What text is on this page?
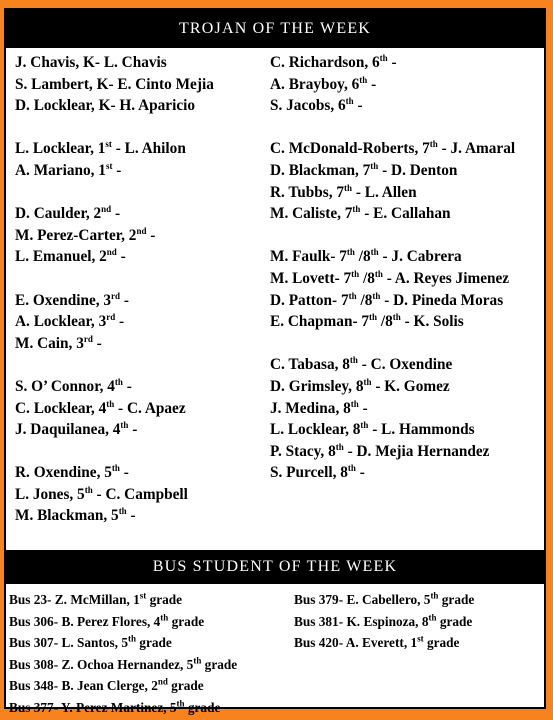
TROJAN OF THE WEEK
J. Chavis, K- L. Chavis
S. Lambert, K- E. Cinto Mejia
D. Locklear, K- H. Aparicio
L. Locklear, 1st - L. Ahilon
A. Mariano, 1st -
D. Caulder, 2nd -
M. Perez-Carter, 2nd -
L. Emanuel, 2nd -
E. Oxendine, 3rd -
A. Locklear, 3rd -
M. Cain, 3rd -
S. O’ Connor, 4th -
C. Locklear, 4th - C. Apaez
J. Daquilanea, 4th -
R. Oxendine, 5th -
L. Jones, 5th - C. Campbell
M. Blackman, 5th -
C. Richardson, 6th -
A. Brayboy, 6th -
S. Jacobs, 6th -
C. McDonald-Roberts, 7th - J. Amaral
D. Blackman, 7th - D. Denton
R. Tubbs, 7th - L. Allen
M. Caliste, 7th - E. Callahan
M. Faulk- 7th /8th - J. Cabrera
M. Lovett- 7th /8th - A. Reyes Jimenez
D. Patton- 7th /8th - D. Pineda Moras
E. Chapman- 7th /8th - K. Solis
C. Tabasa, 8th - C. Oxendine
D. Grimsley, 8th - K. Gomez
J. Medina, 8th -
L. Locklear, 8th - L. Hammonds
P. Stacy, 8th - D. Mejia Hernandez
S. Purcell, 8th -
BUS STUDENT OF THE WEEK
Bus 23- Z. McMillan, 1st grade
Bus 306- B. Perez Flores, 4th grade
Bus 307- L. Santos, 5th grade
Bus 308- Z. Ochoa Hernandez, 5th grade
Bus 348- B. Jean Clerge, 2nd grade
Bus 377- Y. Perez Martinez, 5th grade
Bus 379- E. Cabellero, 5th grade
Bus 381- K. Espinoza, 8th grade
Bus 420- A. Everett, 1st grade
